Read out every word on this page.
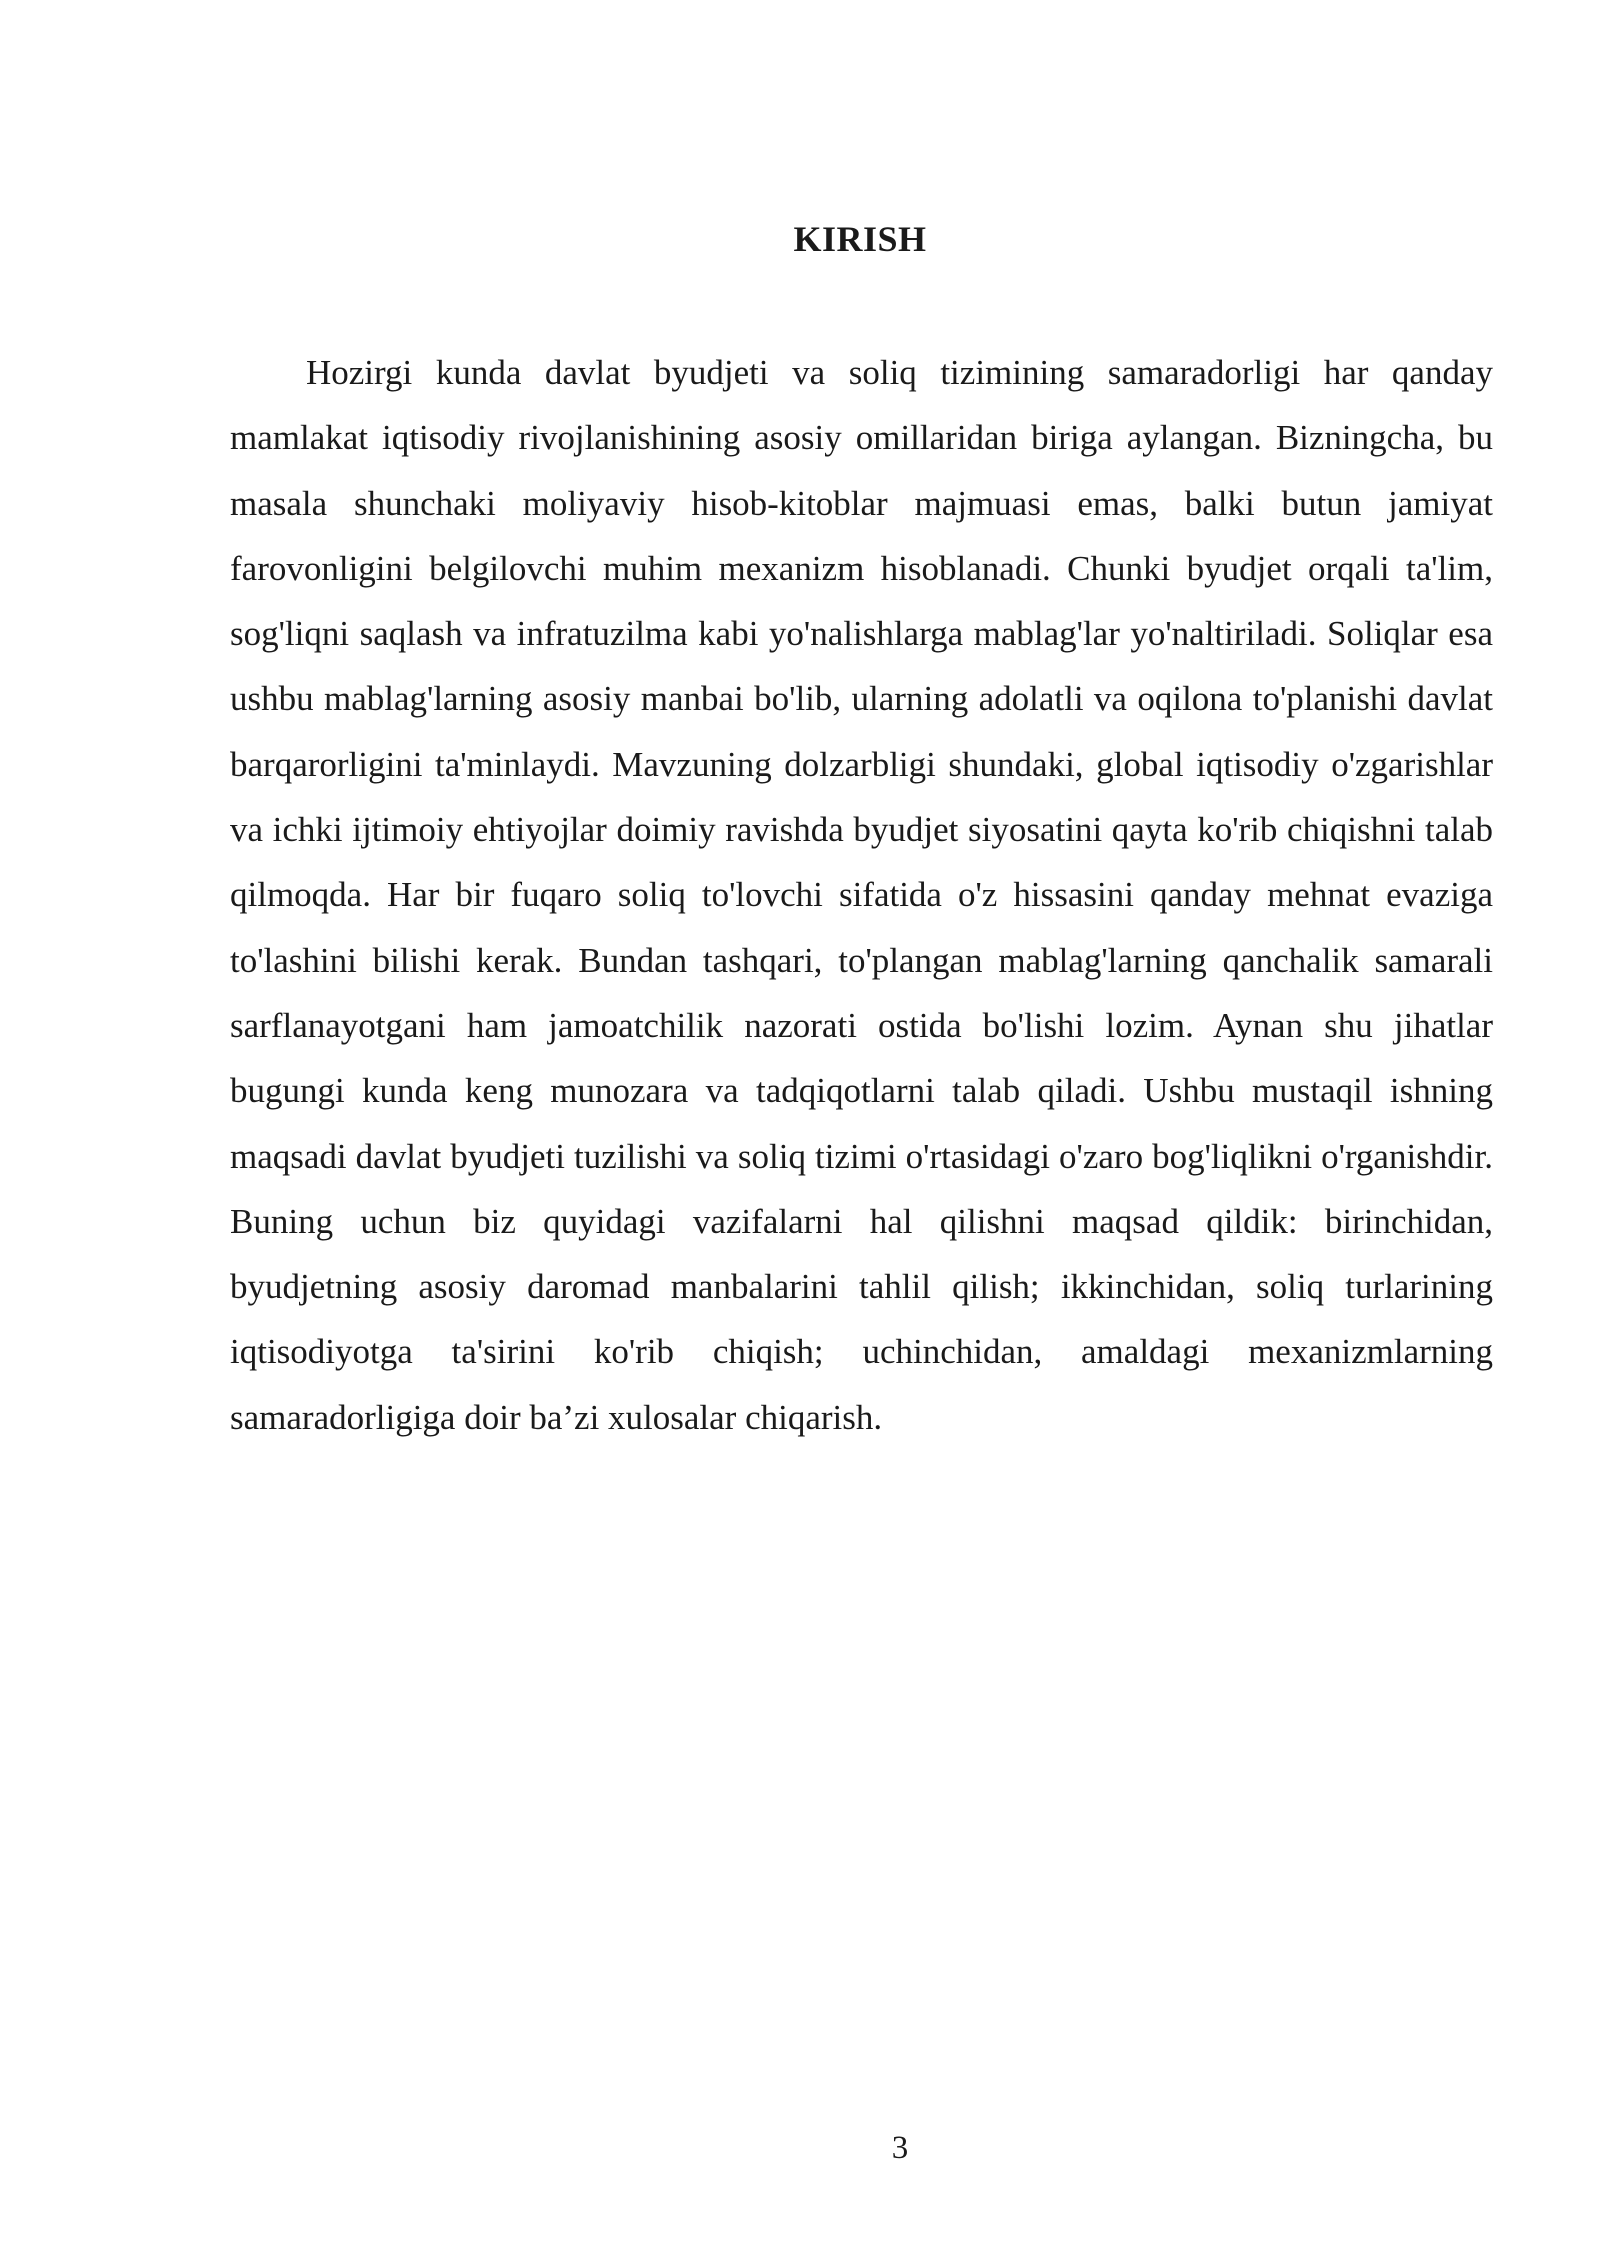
KIRISH

Hozirgi kunda davlat byudjeti va soliq tizimining samaradorligi har qanday mamlakat iqtisodiy rivojlanishining asosiy omillaridan biriga aylangan. Bizningcha, bu masala shunchaki moliyaviy hisob-kitoblar majmuasi emas, balki butun jamiyat farovonligini belgilovchi muhim mexanizm hisoblanadi. Chunki byudjet orqali ta'lim, sog'liqni saqlash va infratuzilma kabi yo'nalishlarga mablag'lar yo'naltiriladi. Soliqlar esa ushbu mablag'larning asosiy manbai bo'lib, ularning adolatli va oqilona to'planishi davlat barqarorligini ta'minlaydi. Mavzuning dolzarbligi shundaki, global iqtisodiy o'zgarishlar va ichki ijtimoiy ehtiyojlar doimiy ravishda byudjet siyosatini qayta ko'rib chiqishni talab qilmoqda. Har bir fuqaro soliq to'lovchi sifatida o'z hissasini qanday mehnat evaziga to'lashini bilishi kerak. Bundan tashqari, to'plangan mablag'larning qanchalik samarali sarflanayotgani ham jamoatchilik nazorati ostida bo'lishi lozim. Aynan shu jihatlar bugungi kunda keng munozara va tadqiqotlarni talab qiladi. Ushbu mustaqil ishning maqsadi davlat byudjeti tuzilishi va soliq tizimi o'rtasidagi o'zaro bog'liqlikni o'rganishdir. Buning uchun biz quyidagi vazifalarni hal qilishni maqsad qildik: birinchidan, byudjetning asosiy daromad manbalarini tahlil qilish; ikkinchidan, soliq turlarining iqtisodiyotga ta'sirini ko'rib chiqish; uchinchidan, amaldagi mexanizmlarning samaradorligiga doir ba’zi xulosalar chiqarish.

3
